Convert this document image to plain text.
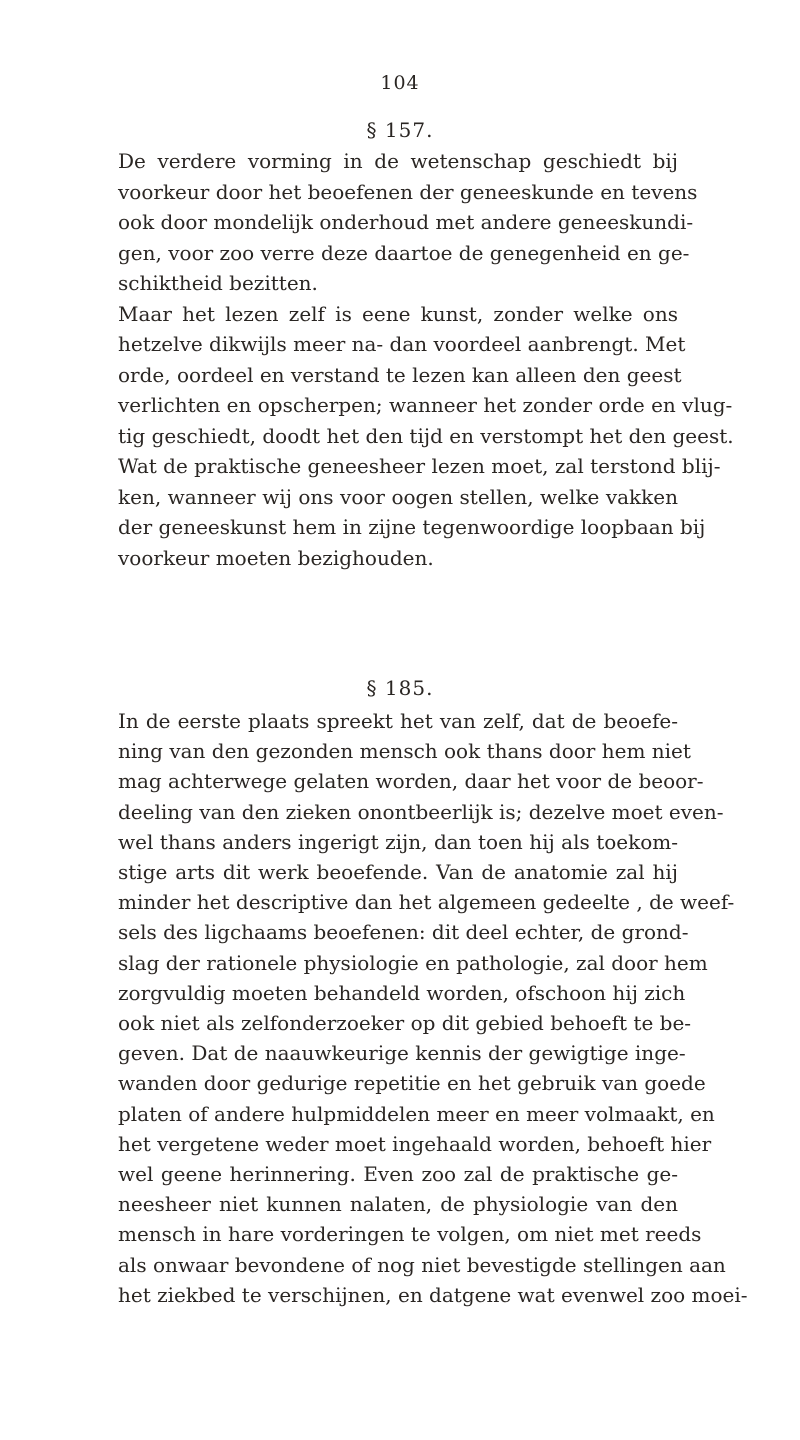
104
§ 157.
De verdere vorming in de wetenschap geschiedt bij
voorkeur door het beoefenen der geneeskunde en tevens
ook door mondelijk onderhoud met andere geneeskundi-
gen, voor zoo verre deze daartoe de genegenheid en ge-
schiktheid bezitten.
Maar het lezen zelf is eene kunst, zonder welke ons
hetzelve dikwijls meer na- dan voordeel aanbrengt. Met
orde, oordeel en verstand te lezen kan alleen den geest
verlichten en opscherpen; wanneer het zonder orde en vlug-
tig geschiedt, doodt het den tijd en verstompt het den geest.
Wat de praktische geneesheer lezen moet, zal terstond blij-
ken, wanneer wij ons voor oogen stellen, welke vakken
der geneeskunst hem in zijne tegenwoordige loopbaan bij
voorkeur moeten bezighouden.
§ 185.
In de eerste plaats spreekt het van zelf, dat de beoefe-
ning van den gezonden mensch ook thans door hem niet
mag achterwege gelaten worden, daar het voor de beoor-
deeling van den zieken onontbeerlijk is; dezelve moet even-
wel thans anders ingerigt zijn, dan toen hij als toekom-
stige arts dit werk beoefende. Van de anatomie zal hij
minder het descriptive dan het algemeen gedeelte , de weef-
sels des ligchaams beoefenen: dit deel echter, de grond-
slag der rationele physiologie en pathologie, zal door hem
zorgvuldig moeten behandeld worden, ofschoon hij zich
ook niet als zelfonderzoeker op dit gebied behoeft te be-
geven. Dat de naauwkeurige kennis der gewigtige inge-
wanden door gedurige repetitie en het gebruik van goede
platen of andere hulpmiddelen meer en meer volmaakt, en
het vergetene weder moet ingehaald worden, behoeft hier
wel geene herinnering. Even zoo zal de praktische ge-
neesheer niet kunnen nalaten, de physiologie van den
mensch in hare vorderingen te volgen, om niet met reeds
als onwaar bevondene of nog niet bevestigde stellingen aan
het ziekbed te verschijnen, en datgene wat evenwel zoo moei-
